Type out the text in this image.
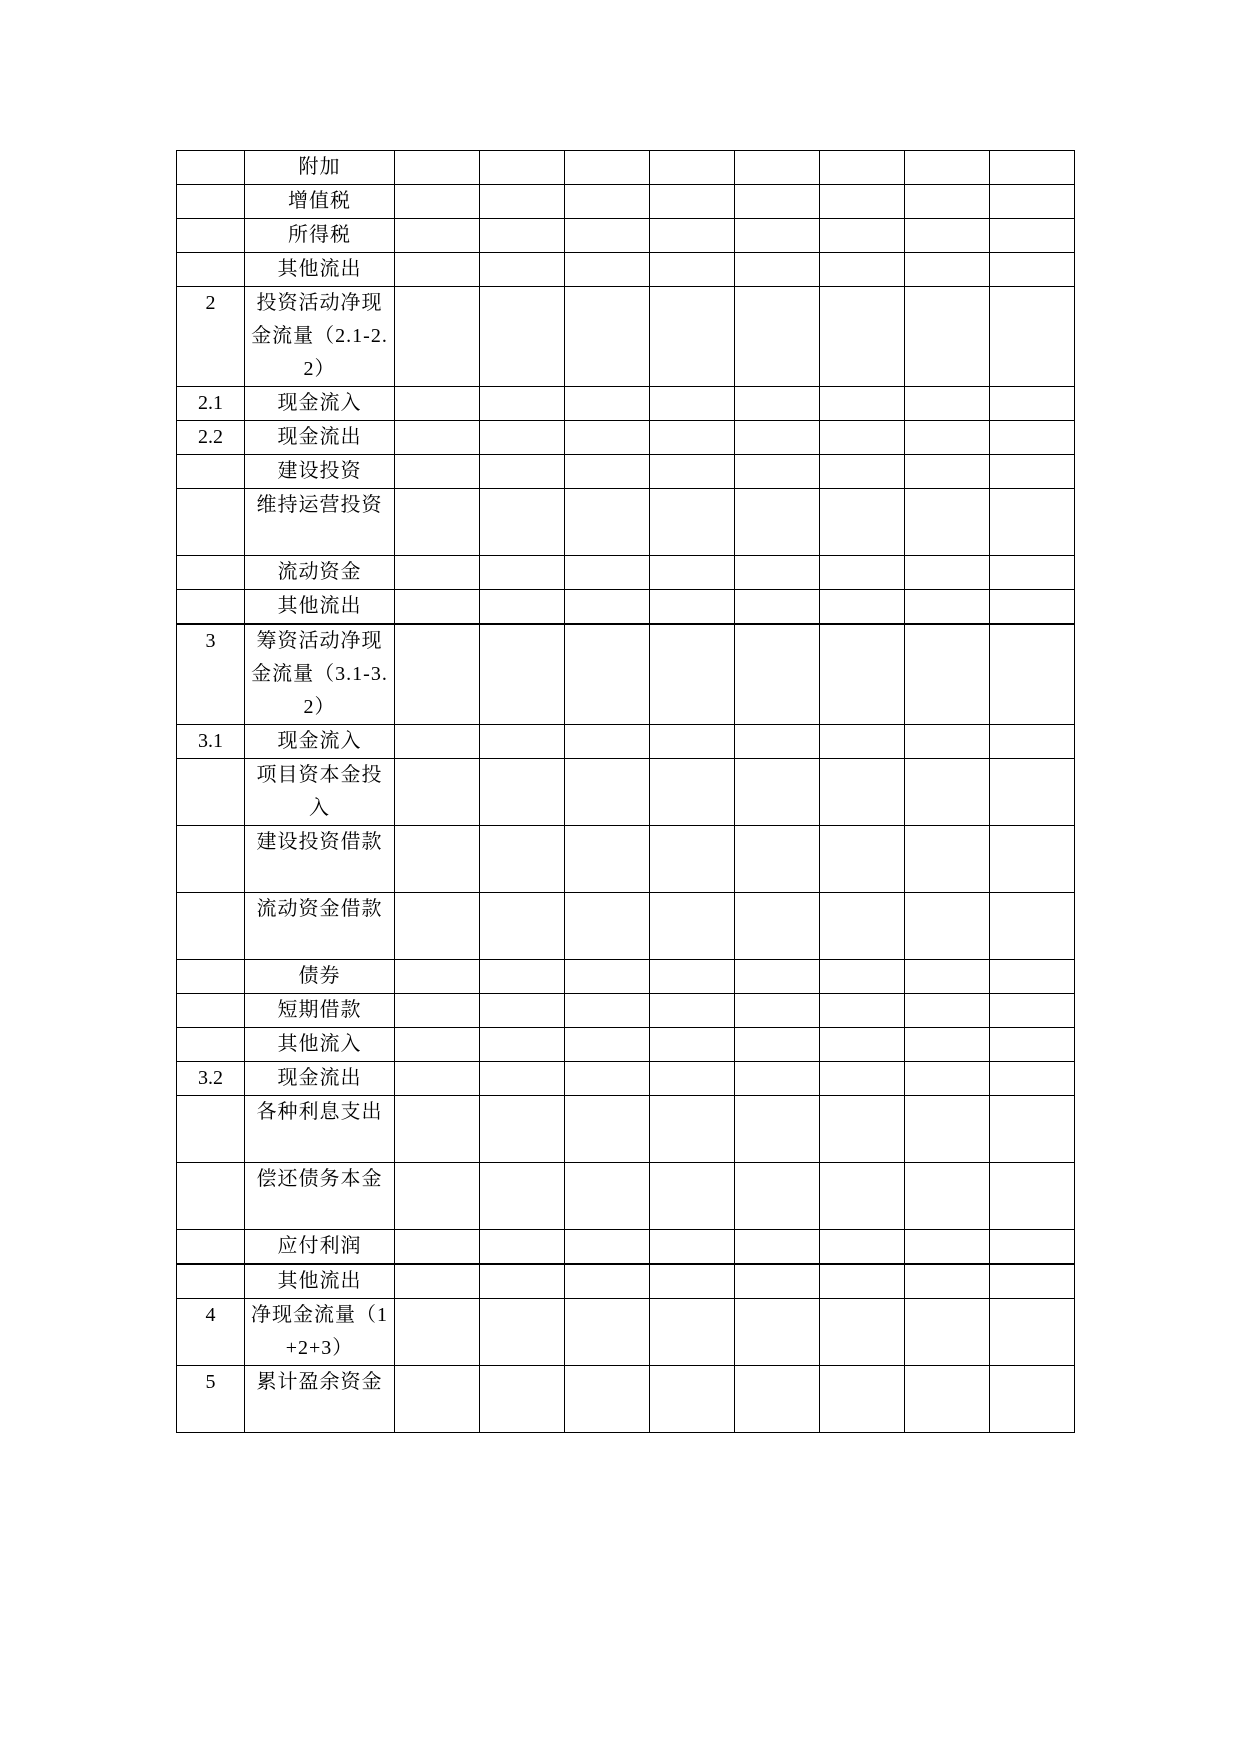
	附加								

	增值税								

	所得税								

	其他流出								

2	投资活动净现金流量（2.1-2.2）								

2.1	现金流入								

2.2	现金流出								

	建设投资								

	维持运营投资								

	流动资金								

	其他流出								

3	筹资活动净现金流量（3.1-3.2）								

3.1	现金流入								

	项目资本金投入								

	建设投资借款								

	流动资金借款								

	债券								

	短期借款								

	其他流入								

3.2	现金流出								

	各种利息支出								

	偿还债务本金								

	应付利润								

	其他流出								

4	净现金流量（1+2+3）								

5	累计盈余资金								
